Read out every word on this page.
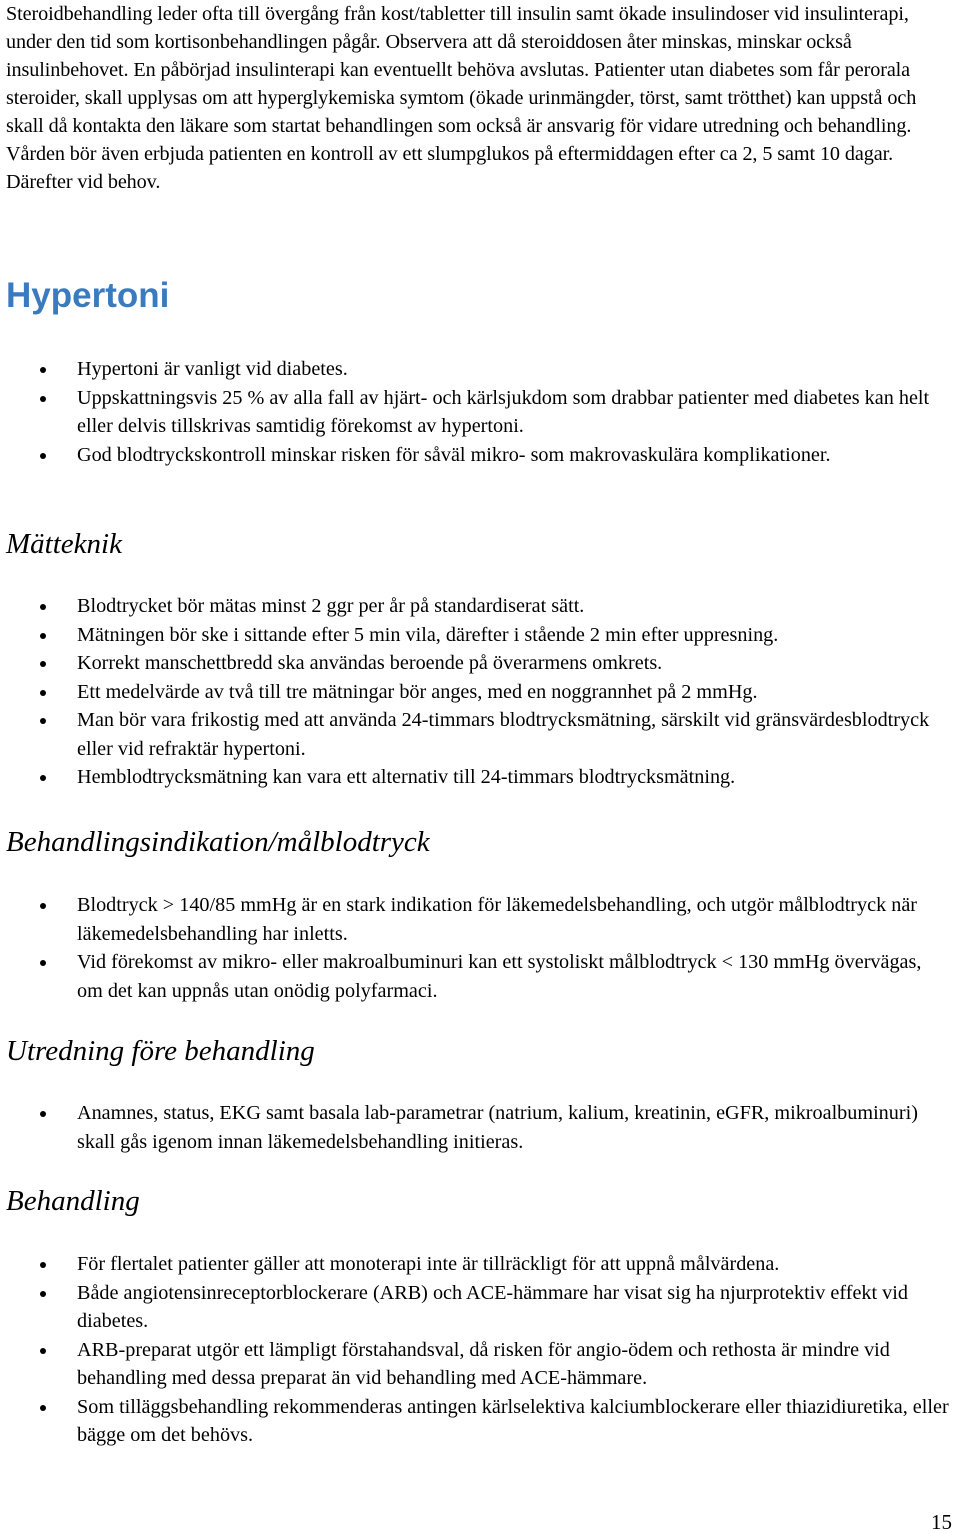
Steroidbehandling leder ofta till övergång från kost/tabletter till insulin samt ökade insulindoser vid insulinterapi, under den tid som kortisonbehandlingen pågår. Observera att då steroiddosen åter minskas, minskar också insulinbehovet. En påbörjad insulinterapi kan eventuellt behöva avslutas. Patienter utan diabetes som får perorala steroider, skall upplysas om att hyperglykemiska symtom (ökade urinmängder, törst, samt trötthet) kan uppstå och skall då kontakta den läkare som startat behandlingen som också är ansvarig för vidare utredning och behandling. Vården bör även erbjuda patienten en kontroll av ett slumpglukos på eftermiddagen efter ca 2, 5 samt 10 dagar. Därefter vid behov.

Hypertoni
Hypertoni är vanligt vid diabetes.
Uppskattningsvis 25 % av alla fall av hjärt- och kärlsjukdom som drabbar patienter med diabetes kan helt eller delvis tillskrivas samtidig förekomst av hypertoni.
God blodtryckskontroll minskar risken för såväl mikro- som makrovaskulära komplikationer.
Mätteknik
Blodtrycket bör mätas minst 2 ggr per år på standardiserat sätt.
Mätningen bör ske i sittande efter 5 min vila, därefter i stående 2 min efter uppresning.
Korrekt manschettbredd ska användas beroende på överarmens omkrets.
Ett medelvärde av två till tre mätningar bör anges, med en noggrannhet på 2 mmHg.
Man bör vara frikostig med att använda 24-timmars blodtrycksmätning, särskilt vid gränsvärdesblodtryck eller vid refraktär hypertoni.
Hemblodtrycksmätning kan vara ett alternativ till 24-timmars blodtrycksmätning.
Behandlingsindikation/målblodtryck
Blodtryck > 140/85 mmHg är en stark indikation för läkemedelsbehandling, och utgör målblodtryck när läkemedelsbehandling har inletts.
Vid förekomst av mikro- eller makroalbuminuri kan ett systoliskt målblodtryck < 130 mmHg övervägas, om det kan uppnås utan onödig polyfarmaci.
Utredning före behandling
Anamnes, status, EKG samt basala lab-parametrar (natrium, kalium, kreatinin, eGFR, mikroalbuminuri) skall gås igenom innan läkemedelsbehandling initieras.
Behandling
För flertalet patienter gäller att monoterapi inte är tillräckligt för att uppnå målvärdena.
Både angiotensinreceptorblockerare (ARB) och ACE-hämmare har visat sig ha njurprotektiv effekt vid diabetes.
ARB-preparat utgör ett lämpligt förstahandsval, då risken för angio-ödem och rethosta är mindre vid behandling med dessa preparat än vid behandling med ACE-hämmare.
Som tilläggsbehandling rekommenderas antingen kärlselektiva kalciumblockerare eller thiazidiuretika, eller bägge om det behövs.
15
